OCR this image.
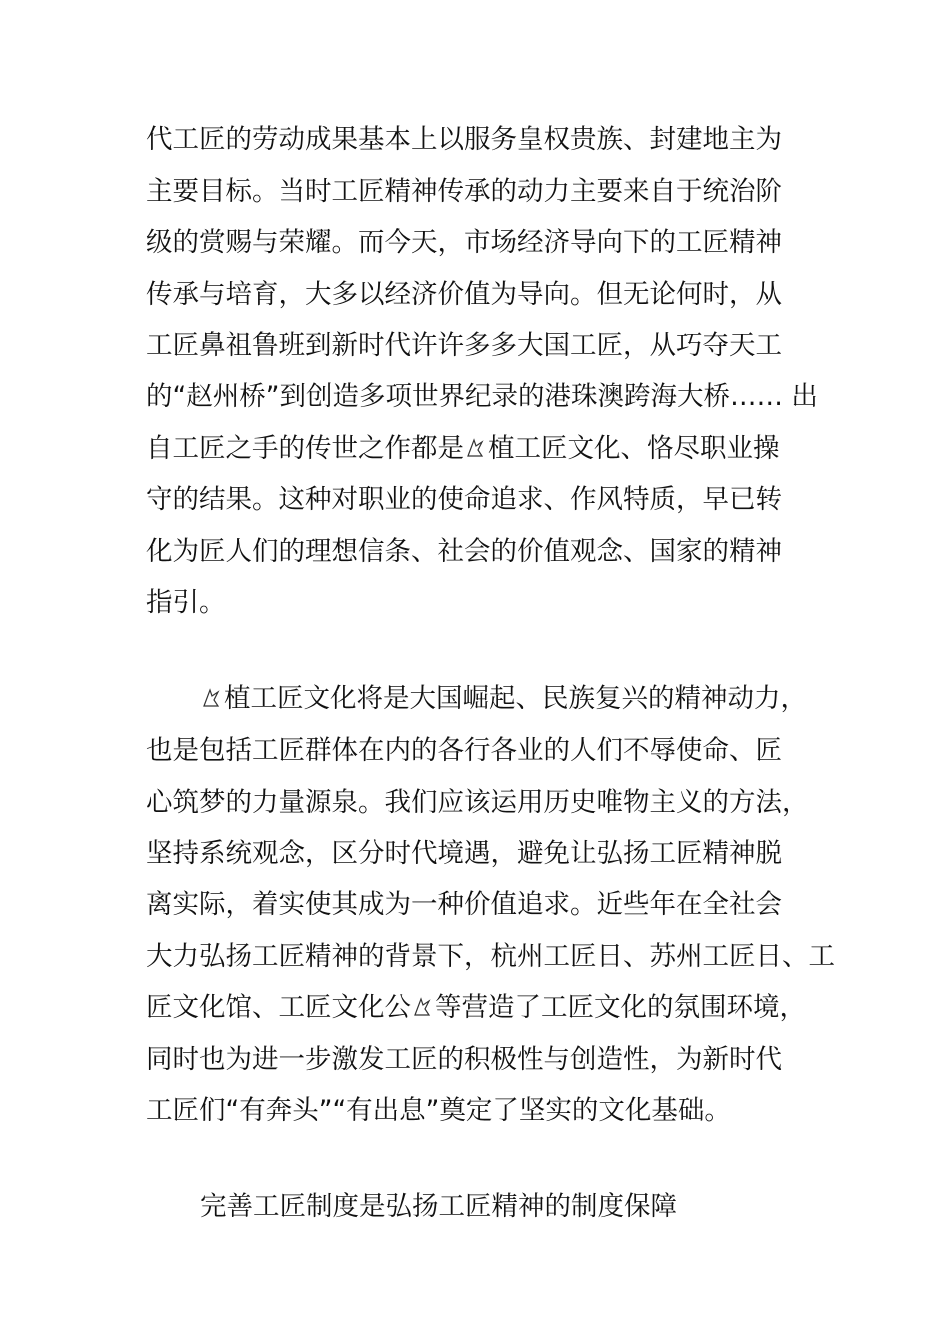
代工匠的劳动成果基本上以服务皇权贵族、封建地主为
主要目标。当时工匠精神传承的动力主要来自于统治阶
级的赏赐与荣耀。而今天，市场经济导向下的工匠精神
传承与培育，大多以经济价值为导向。但无论何时，从
工匠鼻祖鲁班到新时代许许多多大国工匠，从巧夺天工
的“赵州桥”到创造多项世界纪录的港珠澳跨海大桥…… 出
自工匠之手的传世之作都是 植工匠文化、恪尽职业操
守的结果。这种对职业的使命追求、作风特质，早已转
化为匠人们的理想信条、社会的价值观念、国家的精神
指引。
植工匠文化将是大国崛起、民族复兴的精神动力，
也是包括工匠群体在内的各行各业的人们不辱使命、匠
心筑梦的力量源泉。我们应该运用历史唯物主义的方法，
坚持系统观念，区分时代境遇，避免让弘扬工匠精神脱
离实际，着实使其成为一种价值追求。近些年在全社会
大力弘扬工匠精神的背景下，杭州工匠日、苏州工匠日、工
匠文化馆、工匠文化公 等营造了工匠文化的氛围环境，
同时也为进一步激发工匠的积极性与创造性，为新时代
工匠们“有奔头”“有出息”奠定了坚实的文化基础。
完善工匠制度是弘扬工匠精神的制度保障
